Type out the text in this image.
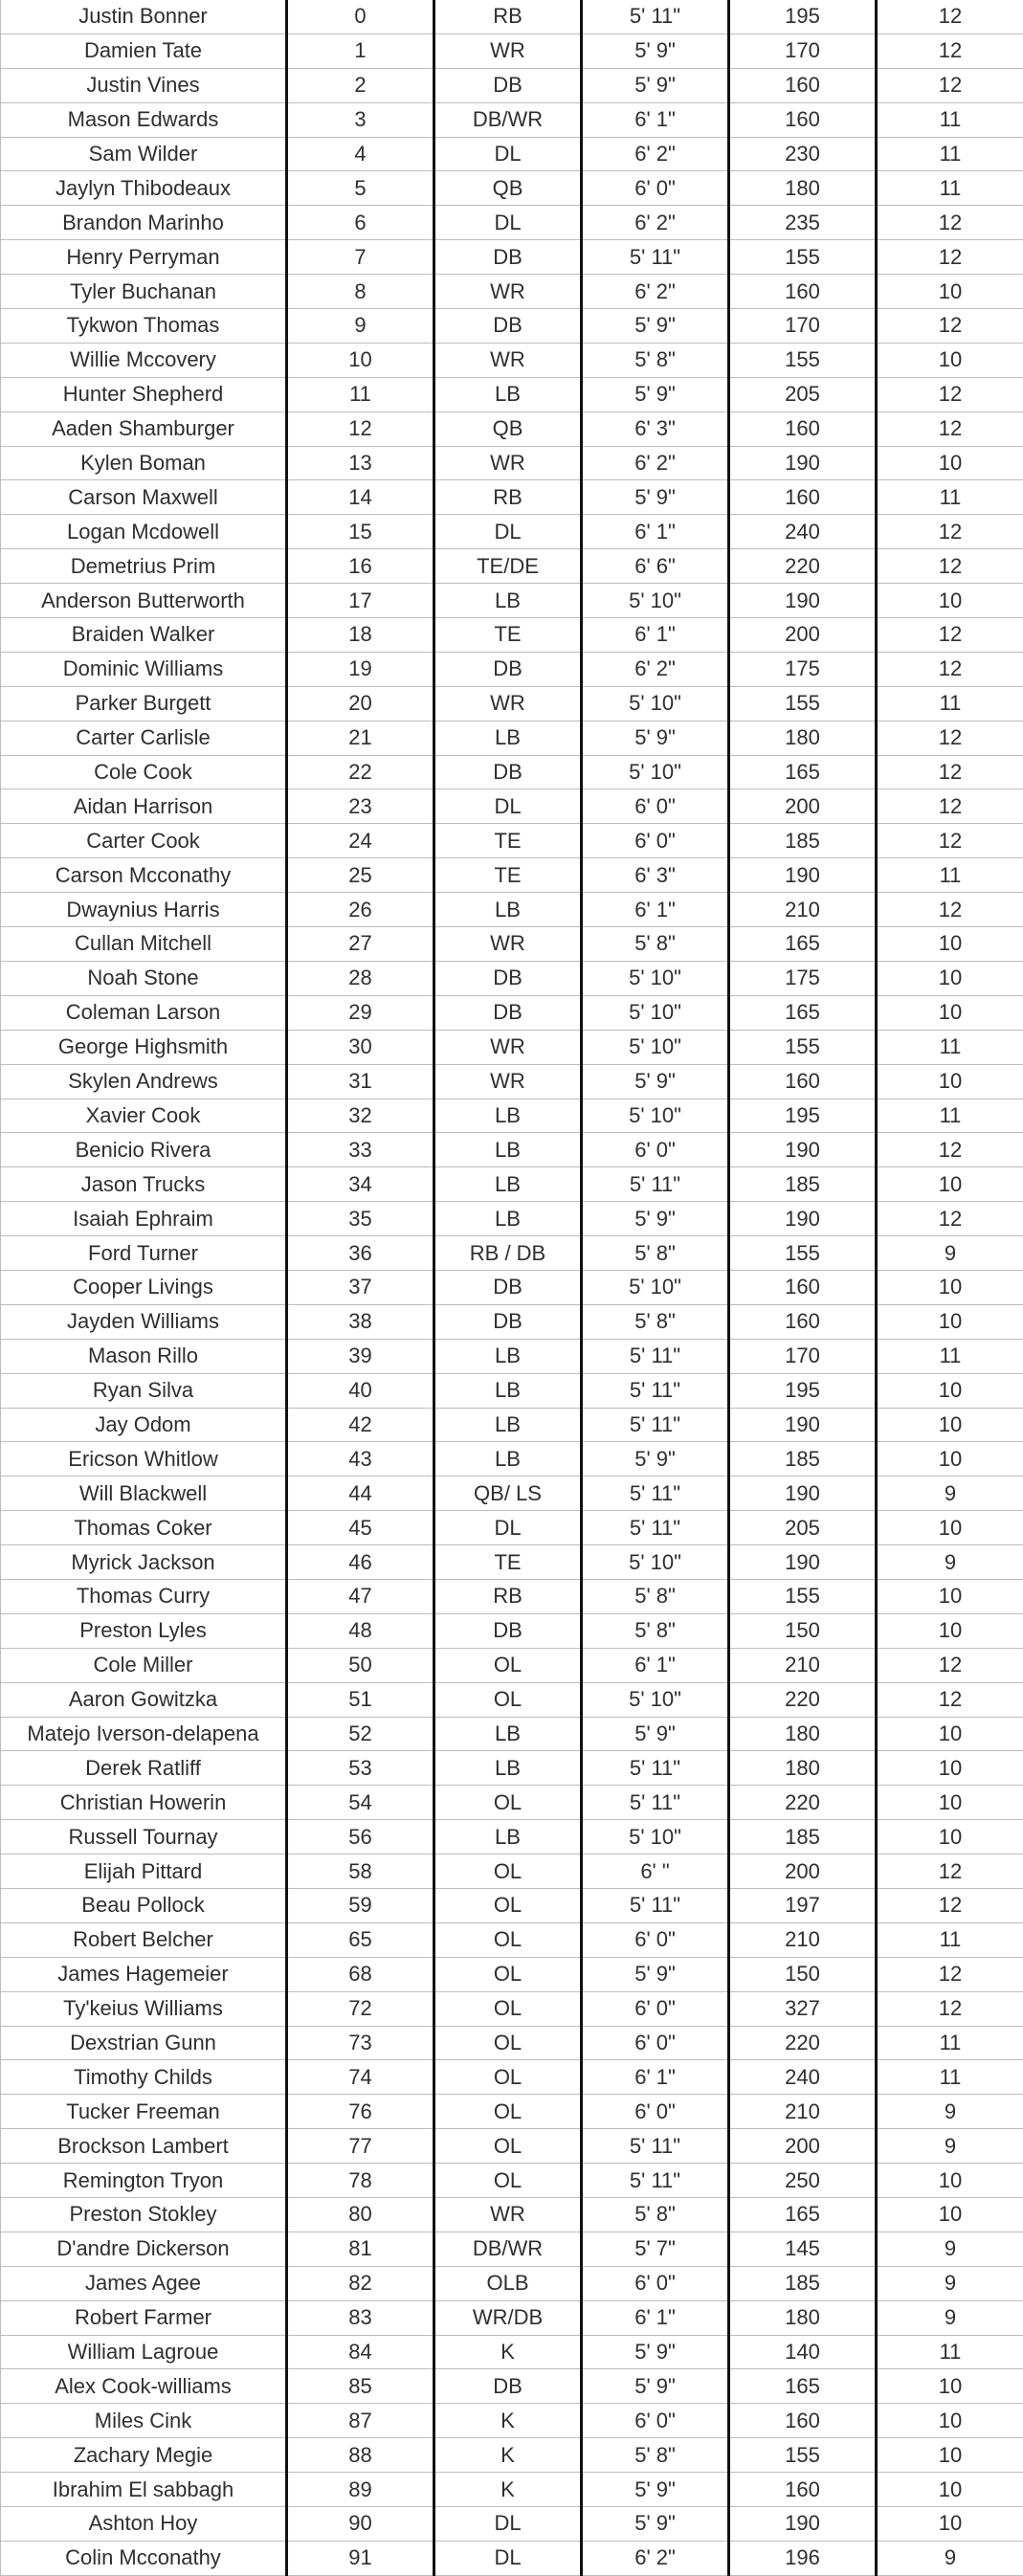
Justin Bonner	0	RB	5' 11"	195	12
Damien Tate	1	WR	5' 9"	170	12
Justin Vines	2	DB	5' 9"	160	12
Mason Edwards	3	DB/WR	6' 1"	160	11
Sam Wilder	4	DL	6' 2"	230	11
Jaylyn Thibodeaux	5	QB	6' 0"	180	11
Brandon Marinho	6	DL	6' 2"	235	12
Henry Perryman	7	DB	5' 11"	155	12
Tyler Buchanan	8	WR	6' 2"	160	10
Tykwon Thomas	9	DB	5' 9"	170	12
Willie Mccovery	10	WR	5' 8"	155	10
Hunter Shepherd	11	LB	5' 9"	205	12
Aaden Shamburger	12	QB	6' 3"	160	12
Kylen Boman	13	WR	6' 2"	190	10
Carson Maxwell	14	RB	5' 9"	160	11
Logan Mcdowell	15	DL	6' 1"	240	12
Demetrius Prim	16	TE/DE	6' 6"	220	12
Anderson Butterworth	17	LB	5' 10"	190	10
Braiden Walker	18	TE	6' 1"	200	12
Dominic Williams	19	DB	6' 2"	175	12
Parker Burgett	20	WR	5' 10"	155	11
Carter Carlisle	21	LB	5' 9"	180	12
Cole Cook	22	DB	5' 10"	165	12
Aidan Harrison	23	DL	6' 0"	200	12
Carter Cook	24	TE	6' 0"	185	12
Carson Mcconathy	25	TE	6' 3"	190	11
Dwaynius Harris	26	LB	6' 1"	210	12
Cullan Mitchell	27	WR	5' 8"	165	10
Noah Stone	28	DB	5' 10"	175	10
Coleman Larson	29	DB	5' 10"	165	10
George Highsmith	30	WR	5' 10"	155	11
Skylen Andrews	31	WR	5' 9"	160	10
Xavier Cook	32	LB	5' 10"	195	11
Benicio Rivera	33	LB	6' 0"	190	12
Jason Trucks	34	LB	5' 11"	185	10
Isaiah Ephraim	35	LB	5' 9"	190	12
Ford Turner	36	RB / DB	5' 8"	155	9
Cooper Livings	37	DB	5' 10"	160	10
Jayden Williams	38	DB	5' 8"	160	10
Mason Rillo	39	LB	5' 11"	170	11
Ryan Silva	40	LB	5' 11"	195	10
Jay Odom	42	LB	5' 11"	190	10
Ericson Whitlow	43	LB	5' 9"	185	10
Will Blackwell	44	QB/ LS	5' 11"	190	9
Thomas Coker	45	DL	5' 11"	205	10
Myrick Jackson	46	TE	5' 10"	190	9
Thomas Curry	47	RB	5' 8"	155	10
Preston Lyles	48	DB	5' 8"	150	10
Cole Miller	50	OL	6' 1"	210	12
Aaron Gowitzka	51	OL	5' 10"	220	12
Matejo Iverson-delapena	52	LB	5' 9"	180	10
Derek Ratliff	53	LB	5' 11"	180	10
Christian Howerin	54	OL	5' 11"	220	10
Russell Tournay	56	LB	5' 10"	185	10
Elijah Pittard	58	OL	6' "	200	12
Beau Pollock	59	OL	5' 11"	197	12
Robert Belcher	65	OL	6' 0"	210	11
James Hagemeier	68	OL	5' 9"	150	12
Ty'keius Williams	72	OL	6' 0"	327	12
Dexstrian Gunn	73	OL	6' 0"	220	11
Timothy Childs	74	OL	6' 1"	240	11
Tucker Freeman	76	OL	6' 0"	210	9
Brockson Lambert	77	OL	5' 11"	200	9
Remington Tryon	78	OL	5' 11"	250	10
Preston Stokley	80	WR	5' 8"	165	10
D'andre Dickerson	81	DB/WR	5' 7"	145	9
James Agee	82	OLB	6' 0"	185	9
Robert Farmer	83	WR/DB	6' 1"	180	9
William Lagroue	84	K	5' 9"	140	11
Alex Cook-williams	85	DB	5' 9"	165	10
Miles Cink	87	K	6' 0"	160	10
Zachary Megie	88	K	5' 8"	155	10
Ibrahim El sabbagh	89	K	5' 9"	160	10
Ashton Hoy	90	DL	5' 9"	190	10
Colin Mcconathy	91	DL	6' 2"	196	9
